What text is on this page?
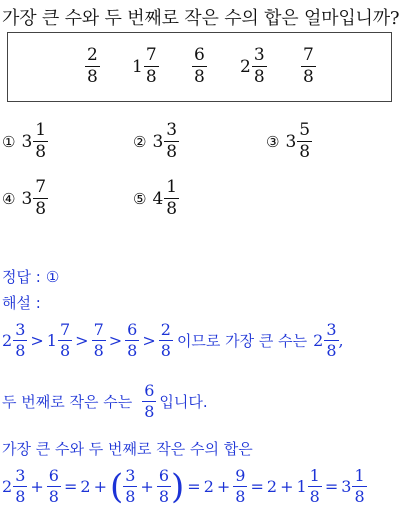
가장 큰 수와 두 번째로 작은 수의 합은 얼마입니까?
$\frac{2}{8} 1 \frac{7}{8} \frac{6}{8} 2 \frac{3}{8} \frac{7}{8}$
① $3 \frac{1}{8}$	② $3 \frac{3}{8}$	③ $3 \frac{5}{8}$
④ $3 \frac{7}{8}$	⑤ $4 \frac{1}{8}$
정답 : ①
해설 :
$2 \frac{3}{8} > 1 \frac{7}{8} > \frac{7}{8} > \frac{6}{8} > \frac{2}{8}$ 이므로 가장 큰 수는 $2 \frac{3}{8}$ ,
두 번째로 작은 수는 $\frac{6}{8}$ 입니다.
가장 큰 수와 두 번째로 작은 수의 합은
$2 \frac{3}{8} + \frac{6}{8} = 2$ + ( $\frac{3}{8} + \frac{6}{8}$ ) = $2 + \frac{9}{8} = 2 + 1 \frac{1}{8} = 3 \frac{1}{8}$
